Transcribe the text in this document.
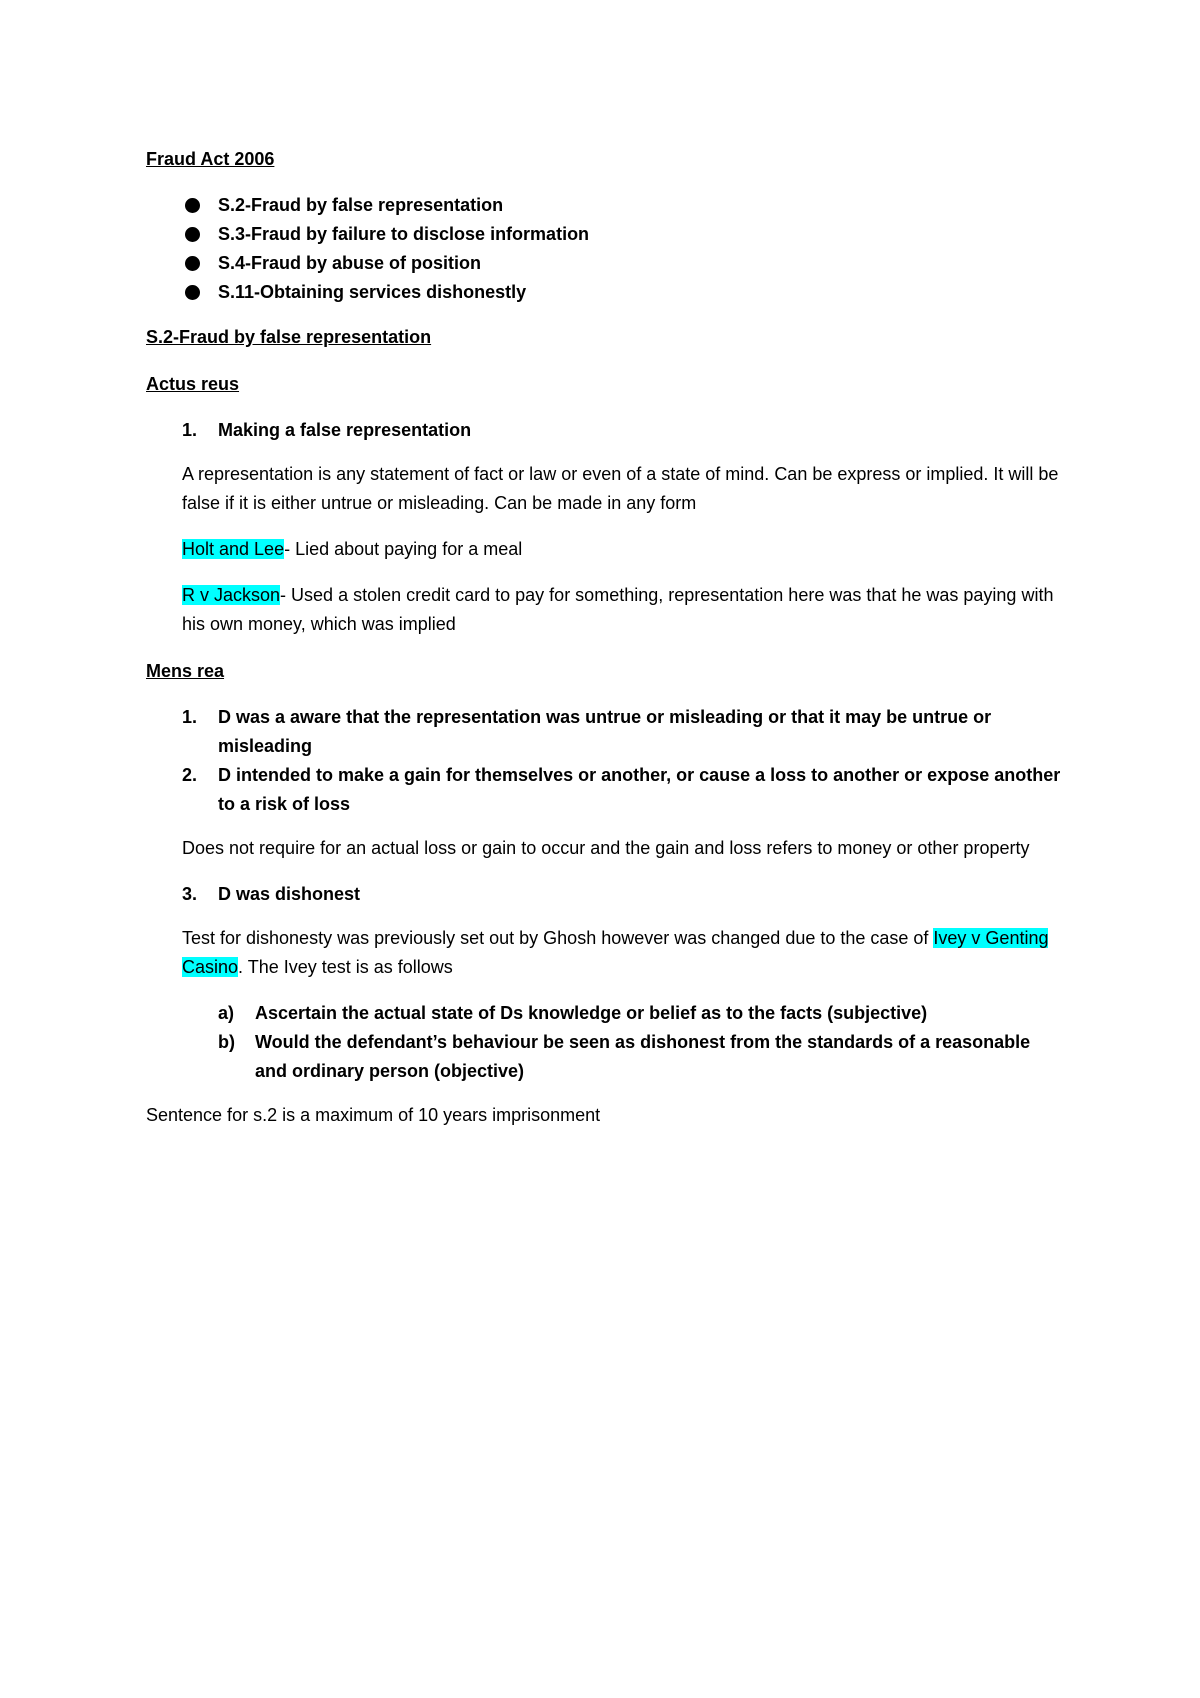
Fraud Act 2006
S.2-Fraud by false representation
S.3-Fraud by failure to disclose information
S.4-Fraud by abuse of position
S.11-Obtaining services dishonestly
S.2-Fraud by false representation
Actus reus
1. Making a false representation

A representation is any statement of fact or law or even of a state of mind. Can be express or implied. It will be false if it is either untrue or misleading. Can be made in any form

Holt and Lee- Lied about paying for a meal

R v Jackson- Used a stolen credit card to pay for something, representation here was that he was paying with his own money, which was implied

Mens rea
1. D was a aware that the representation was untrue or misleading or that it may be untrue or misleading
2. D intended to make a gain for themselves or another, or cause a loss to another or expose another to a risk of loss

Does not require for an actual loss or gain to occur and the gain and loss refers to money or other property

3. D was dishonest

Test for dishonesty was previously set out by Ghosh however was changed due to the case of Ivey v Genting Casino. The Ivey test is as follows

a) Ascertain the actual state of Ds knowledge or belief as to the facts (subjective)
b) Would the defendant’s behaviour be seen as dishonest from the standards of a reasonable and ordinary person (objective)

Sentence for s.2 is a maximum of 10 years imprisonment
